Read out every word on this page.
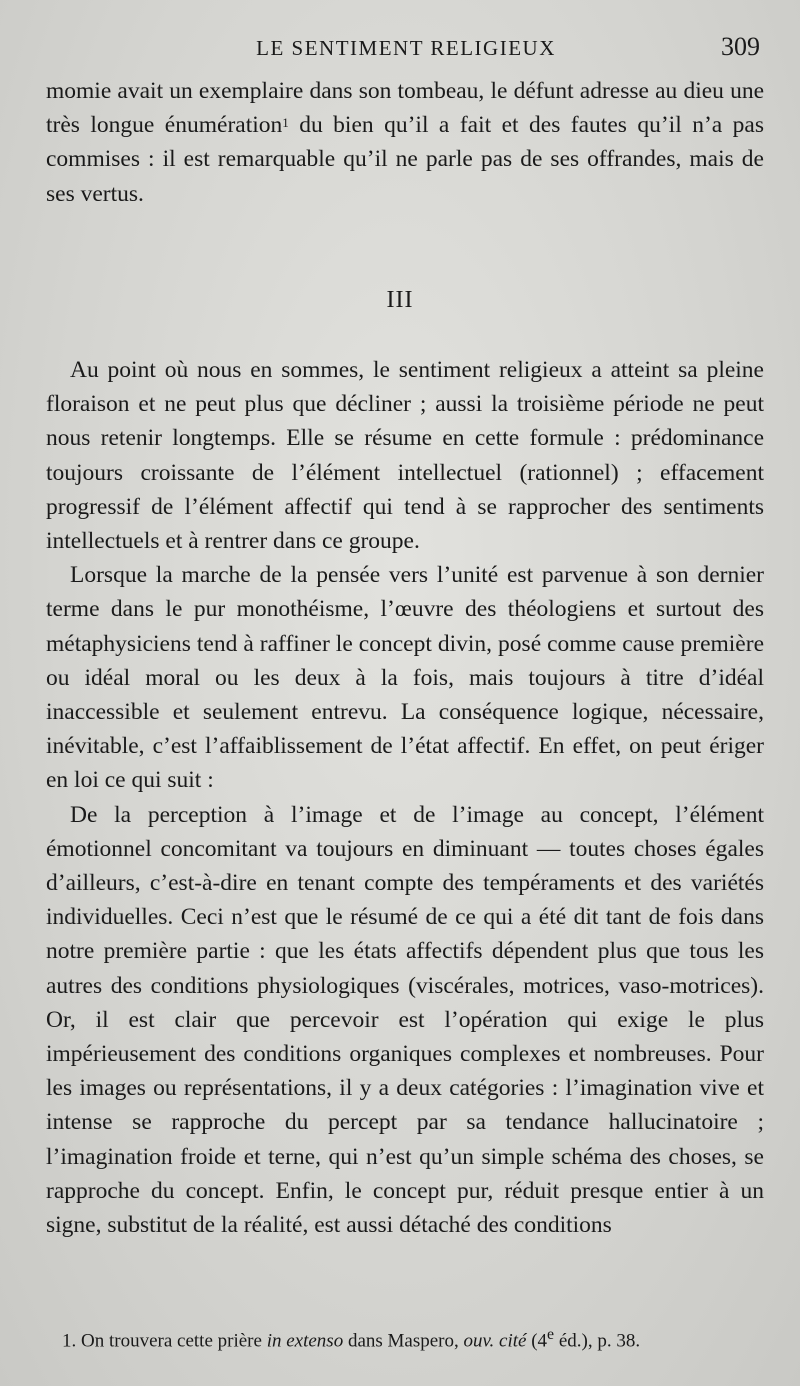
LE SENTIMENT RELIGIEUX	309

momie avait un exemplaire dans son tombeau, le défunt adresse au dieu une très longue énumération$^1$ du bien qu’il a fait et des fautes qu’il n’a pas commises : il est remarquable qu’il ne parle pas de ses offrandes, mais de ses vertus.

III

Au point où nous en sommes, le sentiment religieux a atteint sa pleine floraison et ne peut plus que décliner ; aussi la troisième période ne peut nous retenir longtemps. Elle se résume en cette formule : prédominance toujours croissante de l’élément intellectuel (rationnel) ; effacement progressif de l’élément affectif qui tend à se rapprocher des sentiments intellectuels et à rentrer dans ce groupe.

Lorsque la marche de la pensée vers l’unité est parvenue à son dernier terme dans le pur monothéisme, l’œuvre des théologiens et surtout des métaphysiciens tend à raffiner le concept divin, posé comme cause première ou idéal moral ou les deux à la fois, mais toujours à titre d’idéal inaccessible et seulement entrevu. La conséquence logique, nécessaire, inévitable, c’est l’affaiblissement de l’état affectif. En effet, on peut ériger en loi ce qui suit :

De la perception à l’image et de l’image au concept, l’élément émotionnel concomitant va toujours en diminuant — toutes choses égales d’ailleurs, c’est-à-dire en tenant compte des tempéraments et des variétés individuelles. Ceci n’est que le résumé de ce qui a été dit tant de fois dans notre première partie : que les états affectifs dépendent plus que tous les autres des conditions physiologiques (viscérales, motrices, vaso-motrices). Or, il est clair que percevoir est l’opération qui exige le plus impérieusement des conditions organiques complexes et nombreuses. Pour les images ou représentations, il y a deux catégories : l’imagination vive et intense se rapproche du percept par sa tendance hallucinatoire ; l’imagination froide et terne, qui n’est qu’un simple schéma des choses, se rapproche du concept. Enfin, le concept pur, réduit presque entier à un signe, substitut de la réalité, est aussi détaché des conditions

1. On trouvera cette prière in extenso dans Maspero, ouv. cité (4e éd.), p. 38.
